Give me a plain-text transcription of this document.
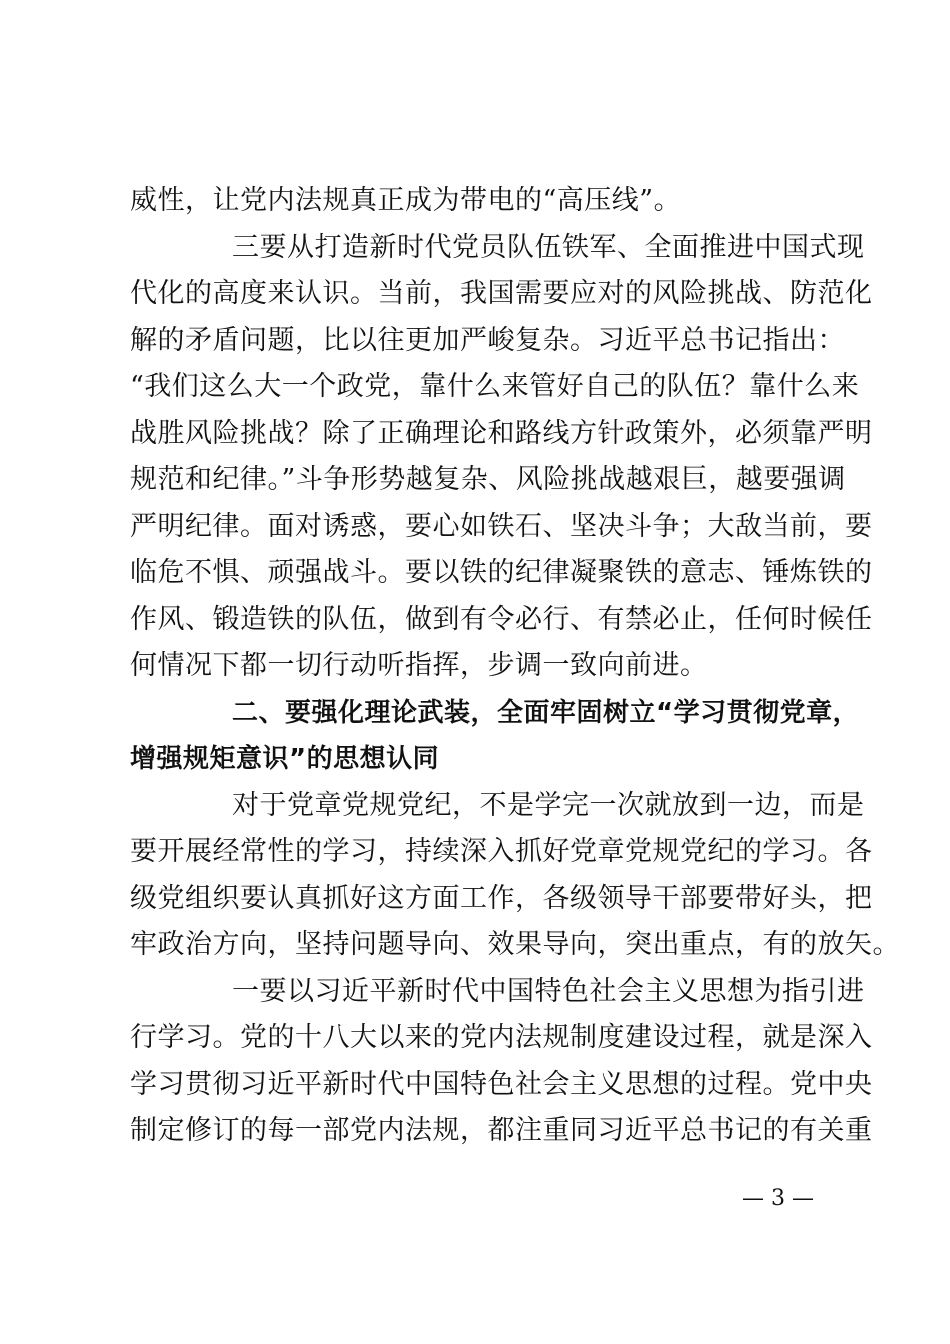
威性，让党内法规真正成为带电的“高压线”。
三要从打造新时代党员队伍铁军、全面推进中国式现
代化的高度来认识。当前，我国需要应对的风险挑战、防范化
解的矛盾问题，比以往更加严峻复杂。习近平总书记指出：
“我们这么大一个政党，靠什么来管好自己的队伍？靠什么来
战胜风险挑战？除了正确理论和路线方针政策外，必须靠严明
规范和纪律。”斗争形势越复杂、风险挑战越艰巨，越要强调
严明纪律。面对诱惑，要心如铁石、坚决斗争；大敌当前，要
临危不惧、顽强战斗。要以铁的纪律凝聚铁的意志、锤炼铁的
作风、锻造铁的队伍，做到有令必行、有禁必止，任何时候任
何情况下都一切行动听指挥，步调一致向前进。
二、要强化理论武装，全面牢固树立“学习贯彻党章，
增强规矩意识”的思想认同
对于党章党规党纪，不是学完一次就放到一边，而是
要开展经常性的学习，持续深入抓好党章党规党纪的学习。各
级党组织要认真抓好这方面工作，各级领导干部要带好头，把
牢政治方向，坚持问题导向、效果导向，突出重点，有的放矢。
一要以习近平新时代中国特色社会主义思想为指引进
行学习。党的十八大以来的党内法规制度建设过程，就是深入
学习贯彻习近平新时代中国特色社会主义思想的过程。党中央
制定修订的每一部党内法规，都注重同习近平总书记的有关重
— 3 —
